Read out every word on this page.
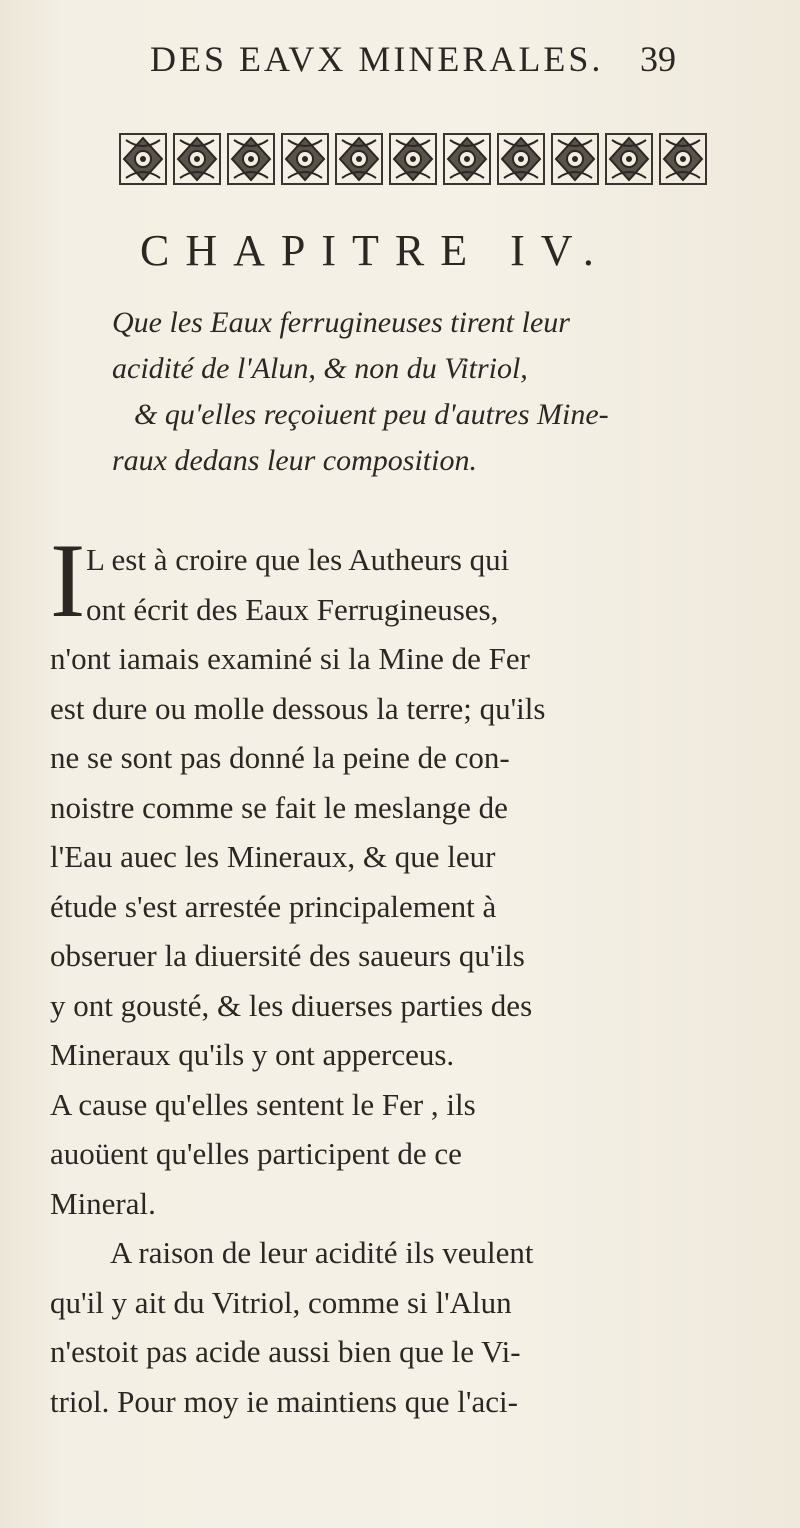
DES EAVX MINERALES.	39
CHAPITRE IV.
Que les Eaux ferrugineuses tirent leur
acidité de l'Alun, & non du Vitriol,
& qu'elles reçoiuent peu d'autres Mine-
raux dedans leur composition.
I L est à croire que les Autheurs qui
ont écrit des Eaux Ferrugineuses,
n'ont iamais examiné si la Mine de Fer
est dure ou molle dessous la terre; qu'ils
ne se sont pas donné la peine de con-
noistre comme se fait le meslange de
l'Eau auec les Mineraux, & que leur
étude s'est arrestée principalement à
obseruer la diuersité des saueurs qu'ils
y ont gousté, & les diuerses parties des
Mineraux qu'ils y ont apperceus.
A cause qu'elles sentent le Fer , ils
auoüent qu'elles participent de ce
Mineral.
A raison de leur acidité ils veulent
qu'il y ait du Vitriol, comme si l'Alun
n'estoit pas acide aussi bien que le Vi-
triol. Pour moy ie maintiens que l'aci-
